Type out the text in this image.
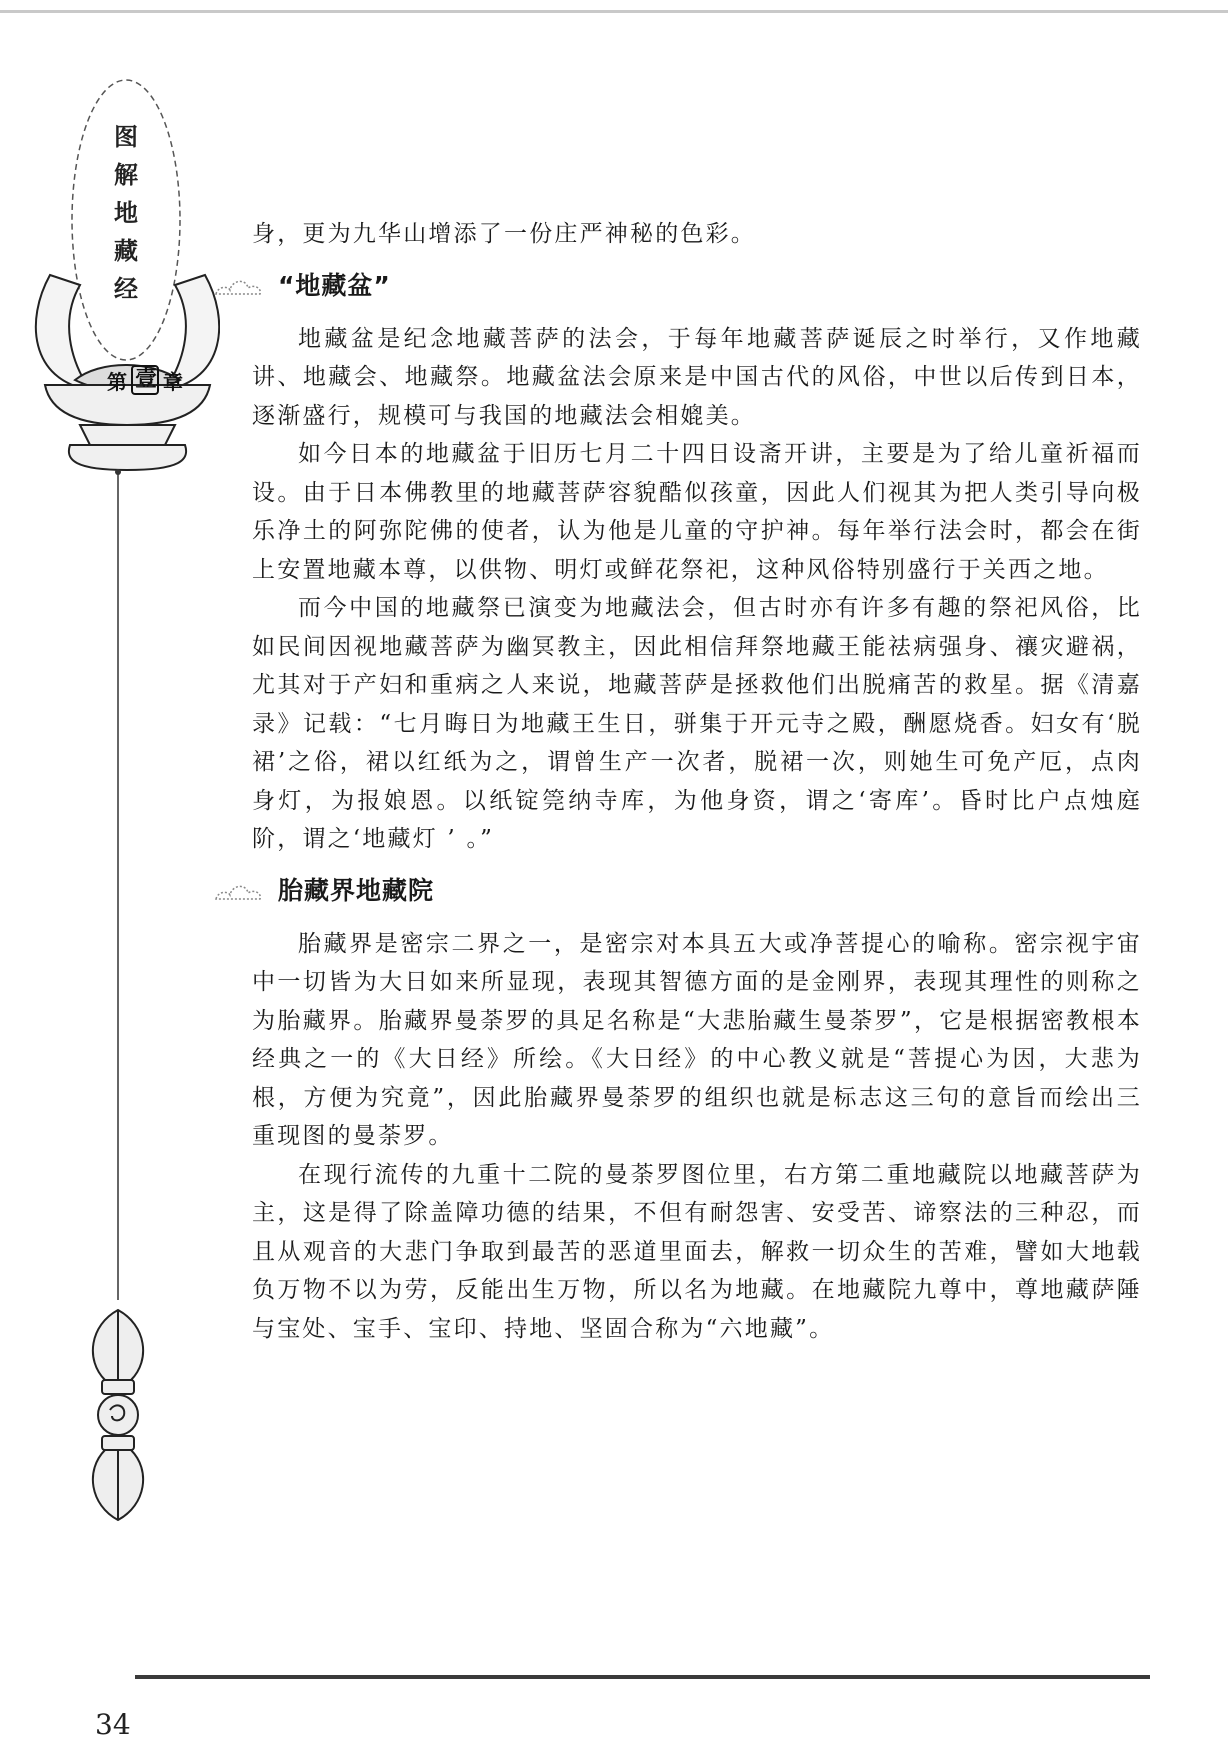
图
解
地
藏
经
第 壹 章

身，更为九华山增添了一份庄严神秘的色彩。

“地藏盆”

地藏盆是纪念地藏菩萨的法会，于每年地藏菩萨诞辰之时举行，又作地藏讲、地藏会、地藏祭。地藏盆法会原来是中国古代的风俗，中世以后传到日本，逐渐盛行，规模可与我国的地藏法会相媲美。

如今日本的地藏盆于旧历七月二十四日设斋开讲，主要是为了给儿童祈福而设。由于日本佛教里的地藏菩萨容貌酷似孩童，因此人们视其为把人类引导向极乐净土的阿弥陀佛的使者，认为他是儿童的守护神。每年举行法会时，都会在街上安置地藏本尊，以供物、明灯或鲜花祭祀，这种风俗特别盛行于关西之地。

而今中国的地藏祭已演变为地藏法会，但古时亦有许多有趣的祭祀风俗，比如民间因视地藏菩萨为幽冥教主，因此相信拜祭地藏王能祛病强身、禳灾避祸，尤其对于产妇和重病之人来说，地藏菩萨是拯救他们出脱痛苦的救星。据《清嘉录》记载：“七月晦日为地藏王生日，骈集于开元寺之殿，酬愿烧香。妇女有‘脱裙’之俗，裙以红纸为之，谓曾生产一次者，脱裙一次，则她生可免产厄，点肉身灯，为报娘恩。以纸锭筦纳寺库，为他身资，谓之‘寄库’。昏时比户点烛庭阶，谓之‘地藏灯 ’ 。”

胎藏界地藏院

胎藏界是密宗二界之一，是密宗对本具五大或净菩提心的喻称。密宗视宇宙中一切皆为大日如来所显现，表现其智德方面的是金刚界，表现其理性的则称之为胎藏界。胎藏界曼荼罗的具足名称是“大悲胎藏生曼荼罗”，它是根据密教根本经典之一的《大日经》所绘。《大日经》的中心教义就是“菩提心为因，大悲为根，方便为究竟”，因此胎藏界曼荼罗的组织也就是标志这三句的意旨而绘出三重现图的曼荼罗。

在现行流传的九重十二院的曼荼罗图位里，右方第二重地藏院以地藏菩萨为主，这是得了除盖障功德的结果，不但有耐怨害、安受苦、谛察法的三种忍，而且从观音的大悲门争取到最苦的恶道里面去，解救一切众生的苦难，譬如大地载负万物不以为劳，反能出生万物，所以名为地藏。在地藏院九尊中，尊地藏萨陲与宝处、宝手、宝印、持地、坚固合称为“六地藏”。

34
